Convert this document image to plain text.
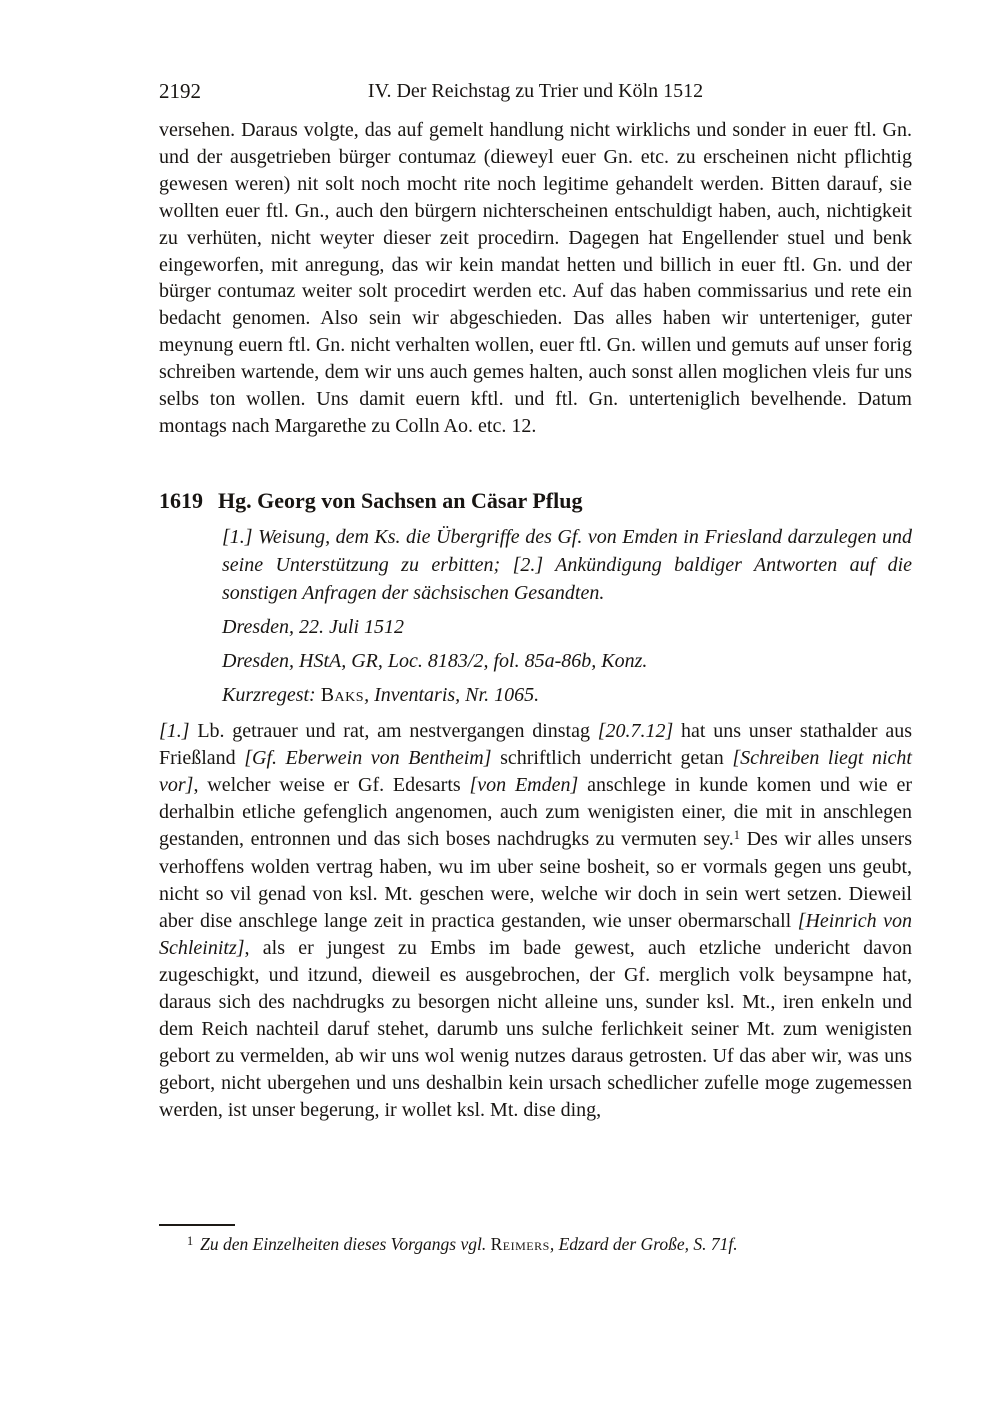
2192	IV. Der Reichstag zu Trier und Köln 1512

versehen. Daraus volgte, das auf gemelt handlung nicht wirklichs und sonder in euer ftl. Gn. und der ausgetrieben bürger contumaz (dieweyl euer Gn. etc. zu erscheinen nicht pflichtig gewesen weren) nit solt noch mocht rite noch legitime gehandelt werden. Bitten darauf, sie wollten euer ftl. Gn., auch den bürgern nichterscheinen entschuldigt haben, auch, nichtigkeit zu verhüten, nicht weyter dieser zeit procedirn. Dagegen hat Engellender stuel und benk eingeworfen, mit anregung, das wir kein mandat hetten und billich in euer ftl. Gn. und der bürger contumaz weiter solt procedirt werden etc. Auf das haben commissarius und rete ein bedacht genomen. Also sein wir abgeschieden. Das alles haben wir unterteniger, guter meynung euern ftl. Gn. nicht verhalten wollen, euer ftl. Gn. willen und gemuts auf unser forig schreiben wartende, dem wir uns auch gemes halten, auch sonst allen moglichen vleis fur uns selbs ton wollen. Uns damit euern kftl. und ftl. Gn. unterteniglich bevelhende. Datum montags nach Margarethe zu Colln Ao. etc. 12.

1619 Hg. Georg von Sachsen an Cäsar Pflug
[1.] Weisung, dem Ks. die Übergriffe des Gf. von Emden in Friesland darzulegen und seine Unterstützung zu erbitten; [2.] Ankündigung baldiger Antworten auf die sonstigen Anfragen der sächsischen Gesandten.
Dresden, 22. Juli 1512
Dresden, HStA, GR, Loc. 8183/2, fol. 85a-86b, Konz.
Kurzregest: Baks, Inventaris, Nr. 1065.

[1.] Lb. getrauer und rat, am nestvergangen dinstag [20.7.12] hat uns unser stathalder aus Frießland [Gf. Eberwein von Bentheim] schriftlich underricht getan [Schreiben liegt nicht vor], welcher weise er Gf. Edesarts [von Emden] anschlege in kunde komen und wie er derhalbin etliche gefenglich angenomen, auch zum wenigisten einer, die mit in anschlegen gestanden, entronnen und das sich boses nachdrugks zu vermuten sey.$^1$ Des wir alles unsers verhoffens wolden vertrag haben, wu im uber seine bosheit, so er vormals gegen uns geubt, nicht so vil genad von ksl. Mt. geschen were, welche wir doch in sein wert setzen. Dieweil aber dise anschlege lange zeit in practica gestanden, wie unser obermarschall [Heinrich von Schleinitz], als er jungest zu Embs im bade gewest, auch etzliche undericht davon zugeschigkt, und itzund, dieweil es ausgebrochen, der Gf. merglich volk beysampne hat, daraus sich des nachdrugks zu besorgen nicht alleine uns, sunder ksl. Mt., iren enkeln und dem Reich nachteil daruf stehet, darumb uns sulche ferlichkeit seiner Mt. zum wenigisten gebort zu vermelden, ab wir uns wol wenig nutzes daraus getrosten. Uf das aber wir, was uns gebort, nicht ubergehen und uns deshalbin kein ursach schedlicher zufelle moge zugemessen werden, ist unser begerung, ir wollet ksl. Mt. dise ding,

$^1$ Zu den Einzelheiten dieses Vorgangs vgl. Reimers, Edzard der Große, S. 71f.
